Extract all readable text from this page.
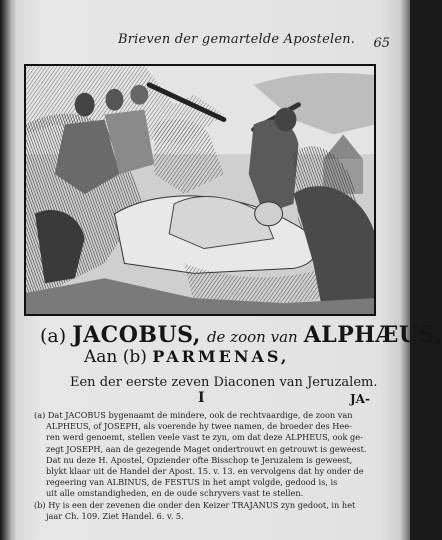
Brieven der gemartelde Apostelen. 65
(a) JACOBUS, de zoon van ALPHÆUS,
Aan (b) PARMENAS,
Een der eerste zeven Diaconen van Jeruzalem.
I	JA-

(a) Dat JACOBUS bygenaamt de mindere, ook de rechtvaardige, de zoon van

ALPHEUS, of JOSEPH, als voerende hy twee namen, de broeder des Hee-

ren werd genoemt, stellen veele vast te zyn, om dat deze ALPHEUS, ook ge-

zegt JOSEPH, aan de gezegende Maget ondertrouwt en getrouwt is geweest.

Dat nu deze H. Apostel, Opziender ofte Bisschop te Jeruzalem is geweest,

blykt klaar uit de Handel der Apost. 15. v. 13. en vervolgens dat hy onder de

regeering van ALBINUS, de FESTUS in het ampt volgde, gedood is, is

uit alle omstandigheden, en de oude schryvers vast te stellen.

(b) Hy is een der zevenen die onder den Keizer TRAJANUS zyn gedoot, in het

jaar Ch. 109. Ziet Handel. 6. v. 5.
